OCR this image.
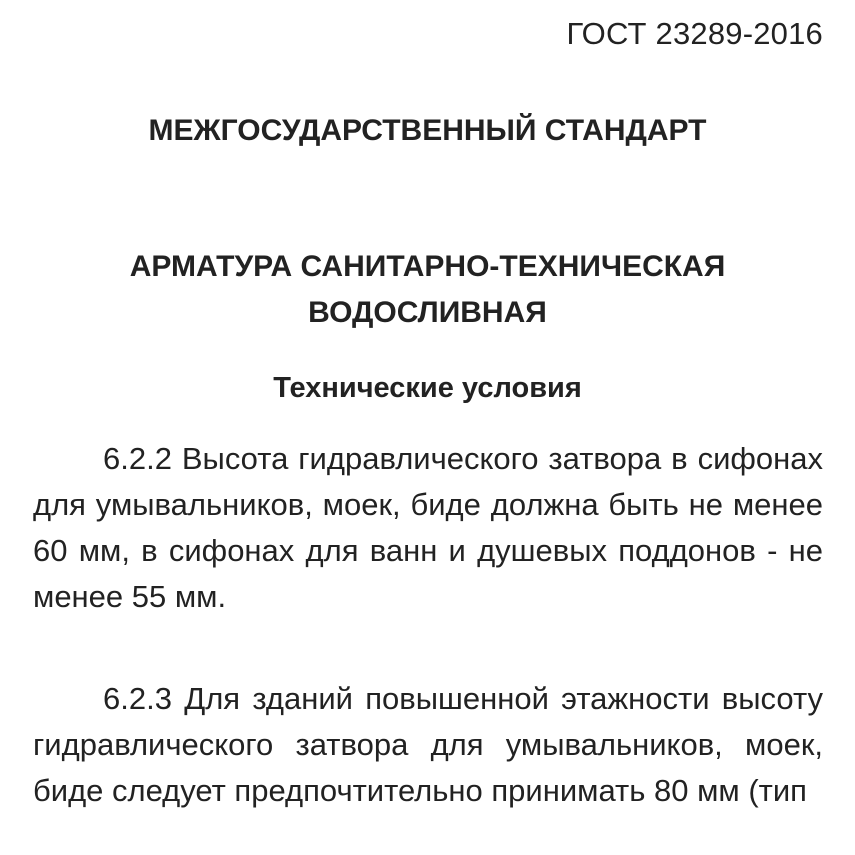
ГОСТ 23289-2016
МЕЖГОСУДАРСТВЕННЫЙ СТАНДАРТ
АРМАТУРА САНИТАРНО-ТЕХНИЧЕСКАЯ
ВОДОСЛИВНАЯ
Технические условия

6.2.2 Высота гидравлического затвора в сифонах для умывальников, моек, биде должна быть не менее 60 мм, в сифонах для ванн и душевых поддонов - не менее 55 мм.

6.2.3 Для зданий повышенной этажности высоту гидравлического затвора для умывальников, моек, биде следует предпочтительно принимать 80 мм (тип
